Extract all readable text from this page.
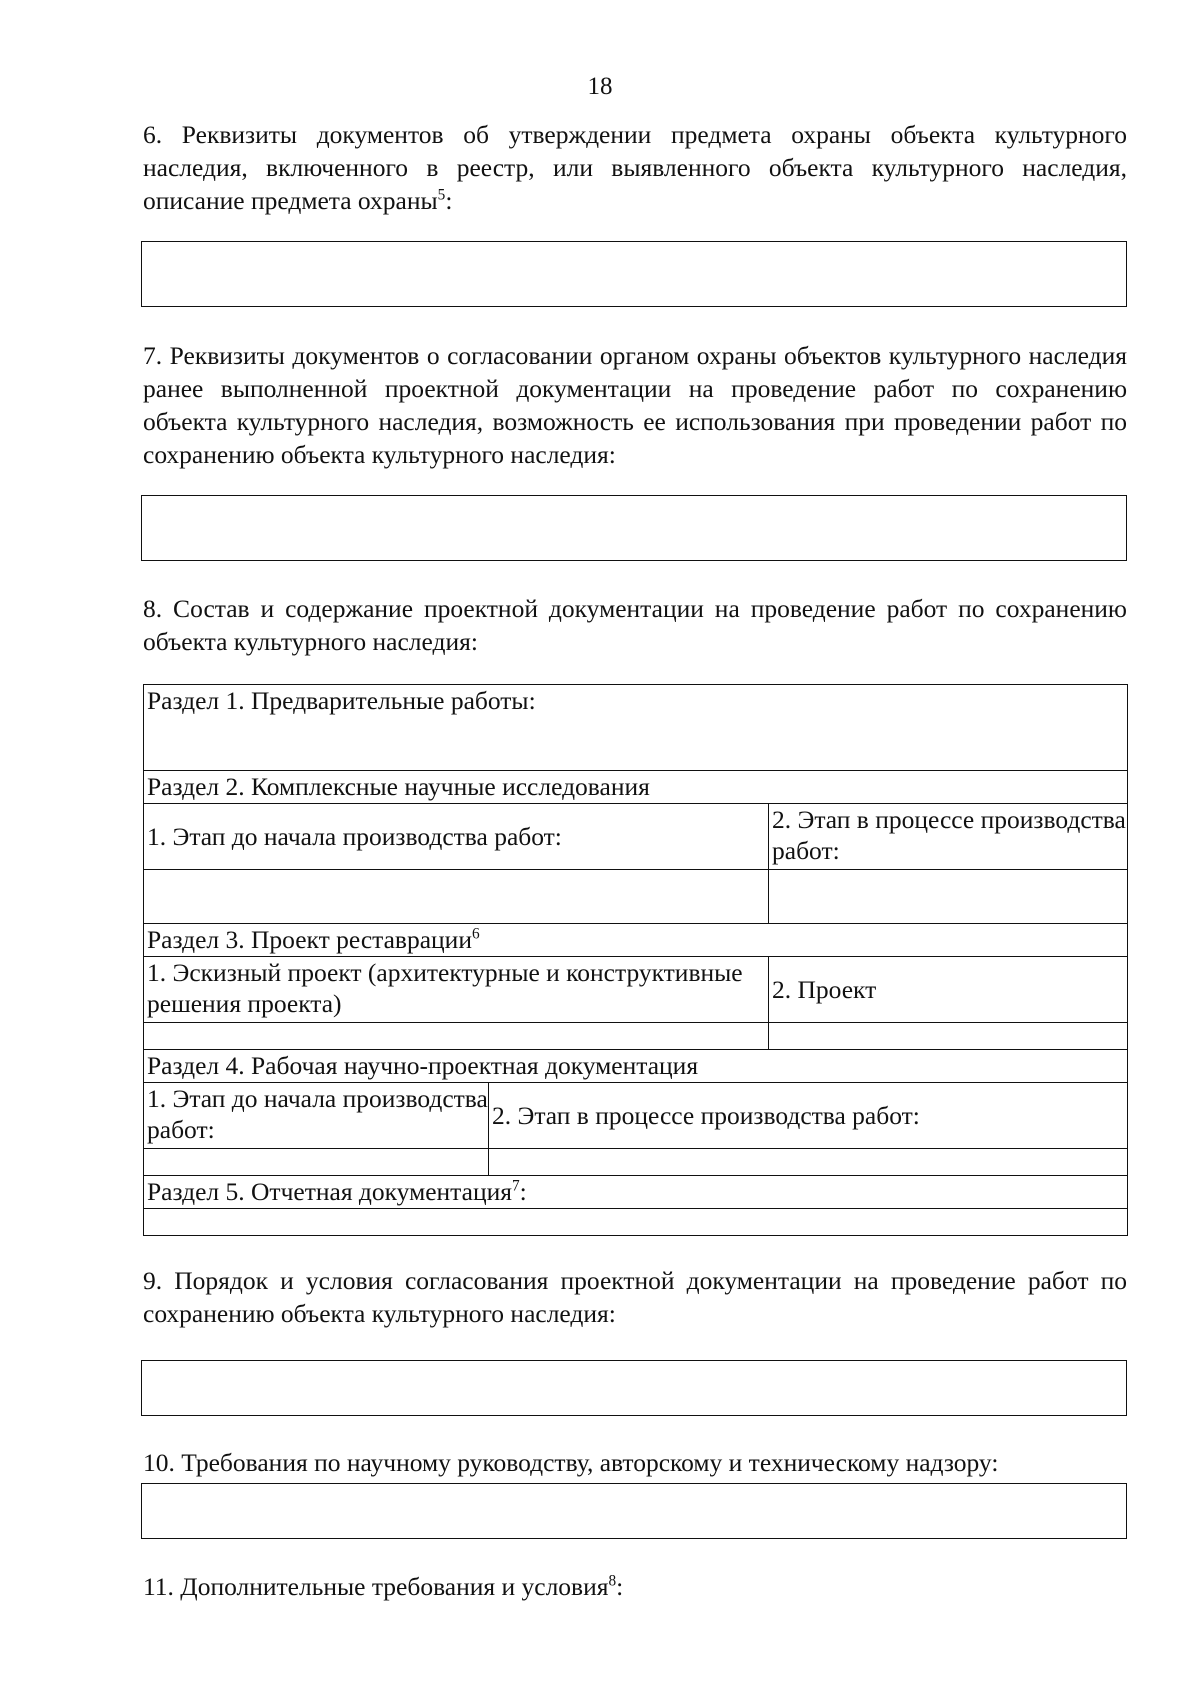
18
6. Реквизиты документов об утверждении предмета охраны объекта культурного наследия, включенного в реестр, или выявленного объекта культурного наследия, описание предмета охраны$^5$:
7. Реквизиты документов о согласовании органом охраны объектов культурного наследия ранее выполненной проектной документации на проведение работ по сохранению объекта культурного наследия, возможность ее использования при проведении работ по сохранению объекта культурного наследия:
8. Состав и содержание проектной документации на проведение работ по сохранению объекта культурного наследия:
Раздел 1. Предварительные работы:		
Раздел 2. Комплексные научные исследования		
1. Этап до начала производства работ:		2. Этап в процессе производства работ:

Раздел 3. Проект реставрации$^6$
1. Эскизный проект (архитектурные и конструктивные решения проекта)		2. Проект

Раздел 4. Рабочая научно-проектная документация		
1. Этап до начала производства работ:	2. Этап в процессе производства работ:	

Раздел 5. Отчетная документация$^7$:		

9. Порядок и условия согласования проектной документации на проведение работ по сохранению объекта культурного наследия:
10. Требования по научному руководству, авторскому и техническому надзору:
11. Дополнительные требования и условия$^8$:
